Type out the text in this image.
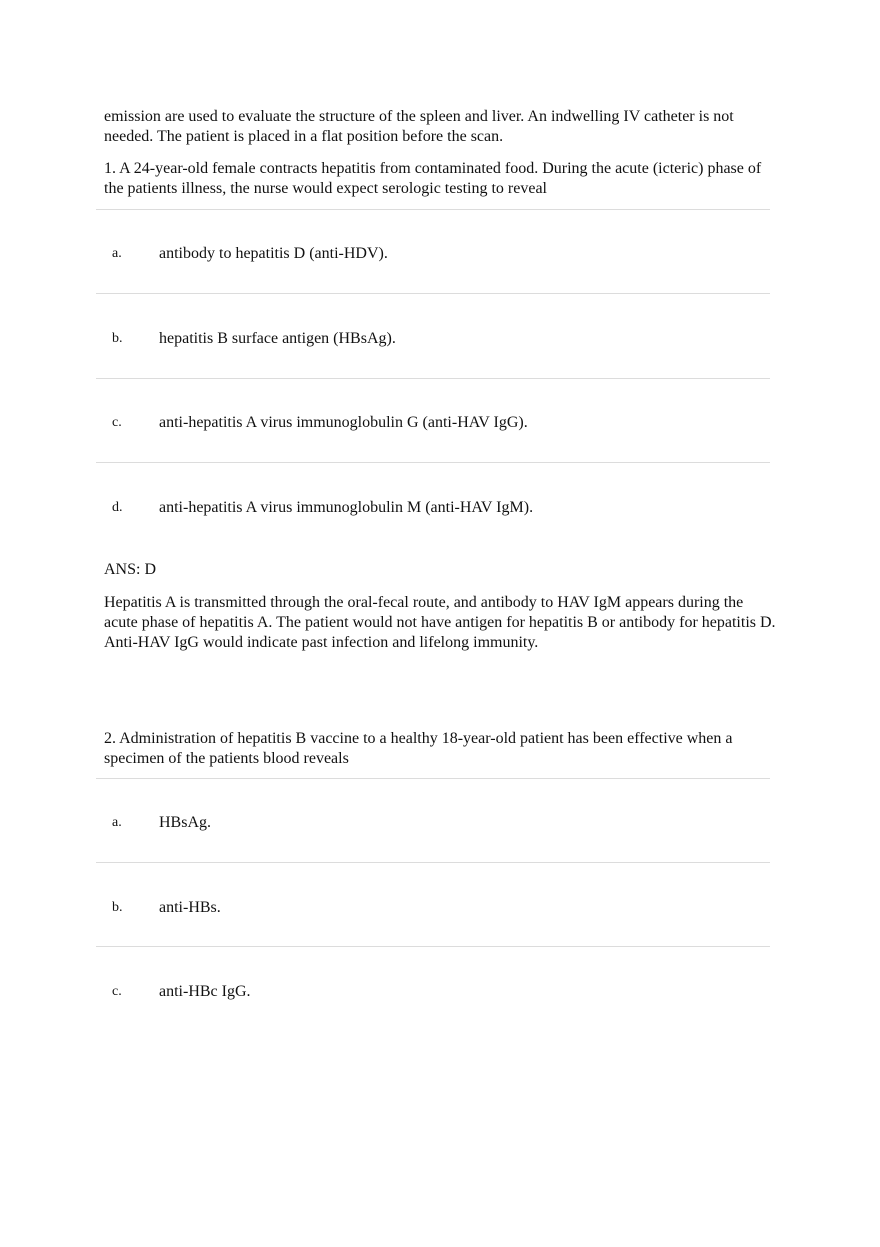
emission are used to evaluate the structure of the spleen and liver. An indwelling IV catheter is not needed. The patient is placed in a flat position before the scan.

1. A 24-year-old female contracts hepatitis from contaminated food. During the acute (icteric) phase of the patients illness, the nurse would expect serologic testing to reveal

a. antibody to hepatitis D (anti-HDV).
b. hepatitis B surface antigen (HBsAg).
c. anti-hepatitis A virus immunoglobulin G (anti-HAV IgG).
d. anti-hepatitis A virus immunoglobulin M (anti-HAV IgM).

ANS: D

Hepatitis A is transmitted through the oral-fecal route, and antibody to HAV IgM appears during the acute phase of hepatitis A. The patient would not have antigen for hepatitis B or antibody for hepatitis D. Anti-HAV IgG would indicate past infection and lifelong immunity.

2. Administration of hepatitis B vaccine to a healthy 18-year-old patient has been effective when a specimen of the patients blood reveals

a. HBsAg.
b. anti-HBs.
c. anti-HBc IgG.
